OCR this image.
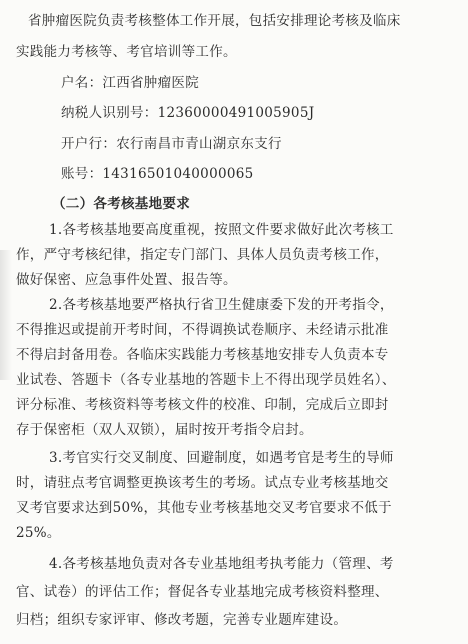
省肿瘤医院负责考核整体工作开展，包括安排理论考核及临床
实践能力考核等、考官培训等工作。
户名：江西省肿瘤医院
纳税人识别号：12360000491005905J
开户行：农行南昌市青山湖京东支行
账号：14316501040000065
（二）各考核基地要求
1.各考核基地要高度重视，按照文件要求做好此次考核工
作，严守考核纪律，指定专门部门、具体人员负责考核工作，
做好保密、应急事件处置、报告等。
2.各考核基地要严格执行省卫生健康委下发的开考指令，
不得推迟或提前开考时间，不得调换试卷顺序、未经请示批准
不得启封备用卷。各临床实践能力考核基地安排专人负责本专
业试卷、答题卡（各专业基地的答题卡上不得出现学员姓名）、
评分标准、考核资料等考核文件的校准、印制，完成后立即封
存于保密柜（双人双锁），届时按开考指令启封。
3.考官实行交叉制度、回避制度，如遇考官是考生的导师
时，请驻点考官调整更换该考生的考场。试点专业考核基地交
叉考官要求达到50%，其他专业考核基地交叉考官要求不低于
25%。
4.各考核基地负责对各专业基地组考执考能力（管理、考
官、试卷）的评估工作；督促各专业基地完成考核资料整理、
归档；组织专家评审、修改考题，完善专业题库建设。
